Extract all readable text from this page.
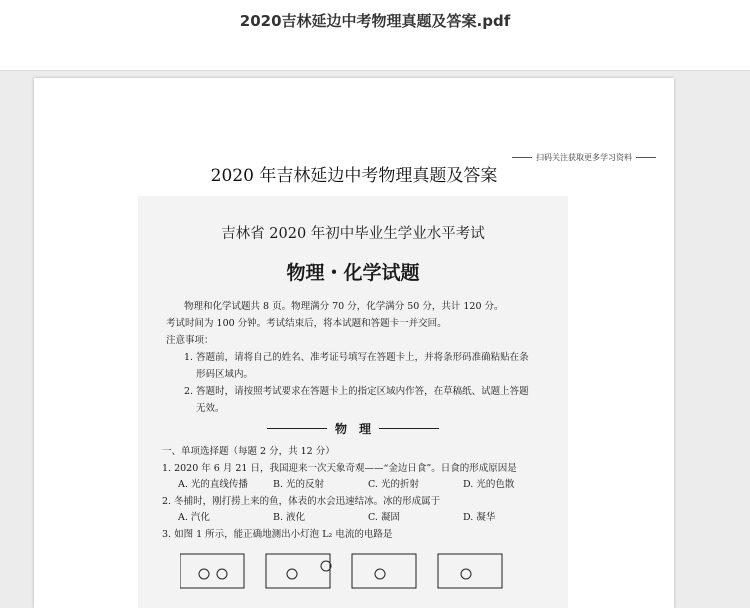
2020吉林延边中考物理真题及答案.pdf
扫码关注获取更多学习资料
2020 年吉林延边中考物理真题及答案
吉林省 2020 年初中毕业生学业水平考试
物理・化学试题

物理和化学试题共 8 页。物理满分 70 分，化学满分 50 分，共计 120 分。

考试时间为 100 分钟。考试结束后，将本试题和答题卡一并交回。

注意事项：

1. 答题前，请将自己的姓名、准考证号填写在答题卡上，并将条形码准确粘贴在条

形码区域内。

2. 答题时，请按照考试要求在答题卡上的指定区域内作答，在草稿纸、试题上答题

无效。

物　理

一、单项选择题（每题 2 分，共 12 分）

1. 2020 年 6 月 21 日，我国迎来一次天象奇观——“金边日食”。日食的形成原因是

A. 光的直线传播	B. 光的反射	C. 光的折射	D. 光的色散

2. 冬捕时，刚打捞上来的鱼，体表的水会迅速结冰。冰的形成属于

A. 汽化	B. 液化	C. 凝固	D. 凝华

3. 如图 1 所示，能正确地测出小灯泡 L₂ 电流的电路是
